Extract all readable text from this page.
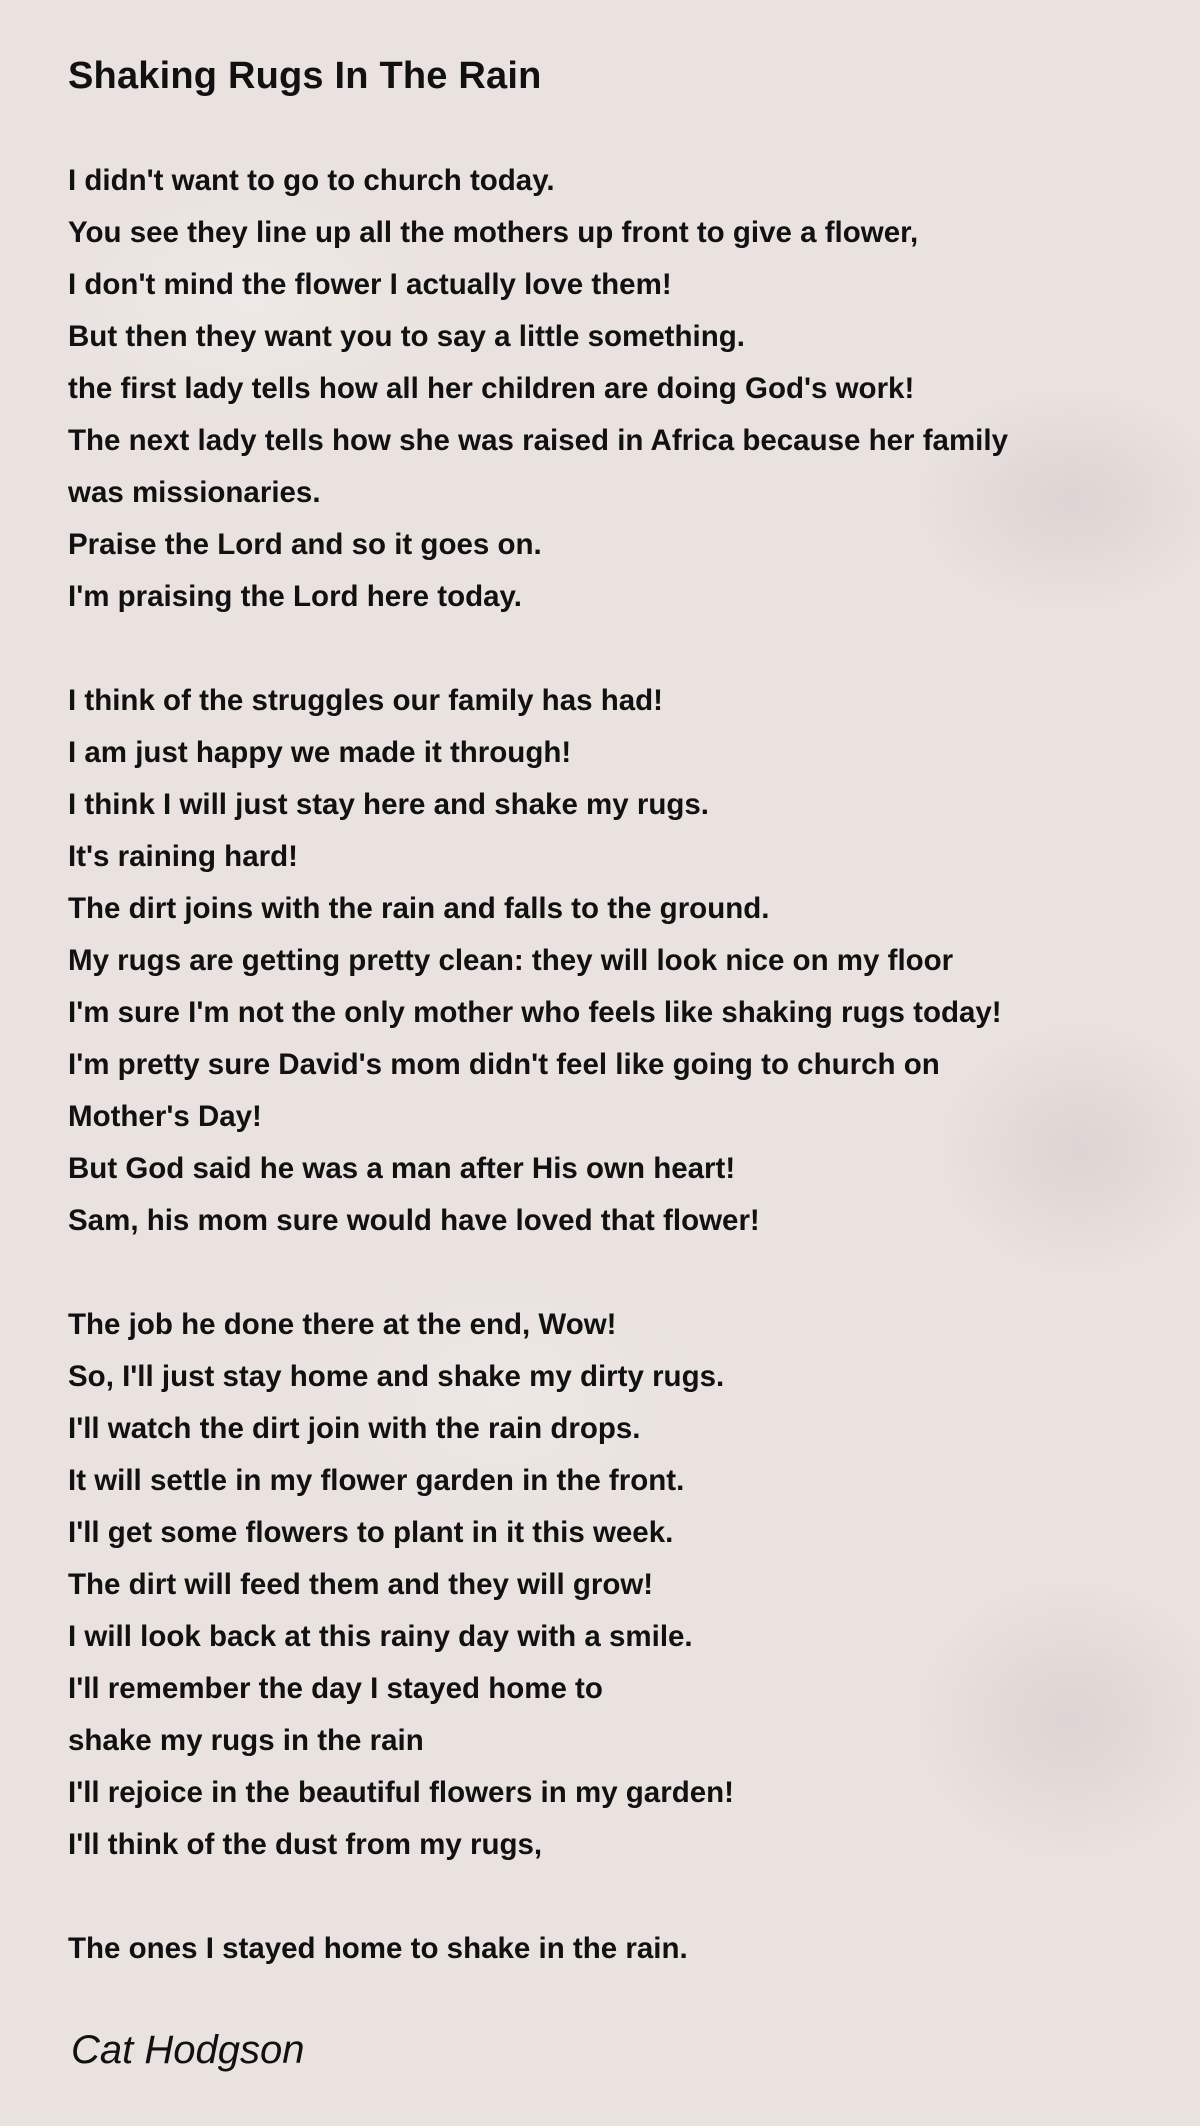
Shaking Rugs In The Rain
I didn't want to go to church today.
You see they line up all the mothers up front to give a flower,
I don't mind the flower I actually love them!
But then they want you to say a little something.
the first lady tells how all her children are doing God's work!
The next lady tells how she was raised in Africa because her family
was missionaries.
Praise the Lord and so it goes on.
I'm praising the Lord here today.
I think of the struggles our family has had!
I am just happy we made it through!
I think I will just stay here and shake my rugs.
It's raining hard!
The dirt joins with the rain and falls to the ground.
My rugs are getting pretty clean: they will look nice on my floor
I'm sure I'm not the only mother who feels like shaking rugs today!
I'm pretty sure David's mom didn't feel like going to church on
Mother's Day!
But God said he was a man after His own heart!
Sam, his mom sure would have loved that flower!
The job he done there at the end, Wow!
So, I'll just stay home and shake my dirty rugs.
I'll watch the dirt join with the rain drops.
It will settle in my flower garden in the front.
I'll get some flowers to plant in it this week.
The dirt will feed them and they will grow!
I will look back at this rainy day with a smile.
I'll remember the day I stayed home to
shake my rugs in the rain
I'll rejoice in the beautiful flowers in my garden!
I'll think of the dust from my rugs,
The ones I stayed home to shake in the rain.
Cat Hodgson
